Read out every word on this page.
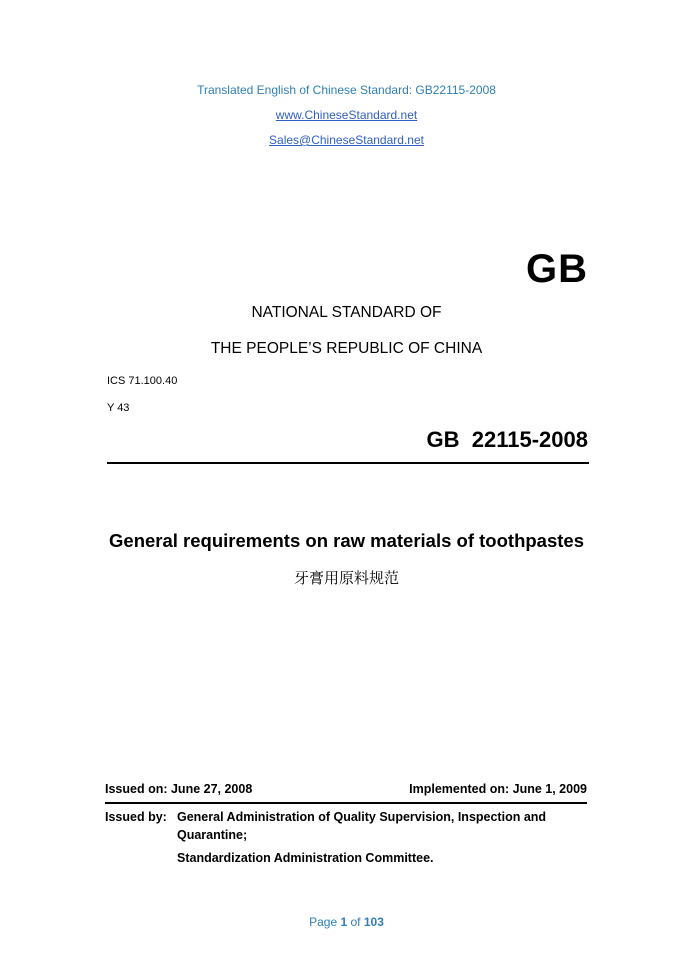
Translated English of Chinese Standard: GB22115-2008
www.ChineseStandard.net
Sales@ChineseStandard.net
GB
NATIONAL STANDARD OF
THE PEOPLE’S REPUBLIC OF CHINA
ICS 71.100.40
Y 43
GB  22115-2008
General requirements on raw materials of toothpastes
牙膏用原料规范
Issued on: June 27, 2008	Implemented on: June 1, 2009
Issued by: General Administration of Quality Supervision, Inspection and
Quarantine;
Standardization Administration Committee.
Page 1 of 103
